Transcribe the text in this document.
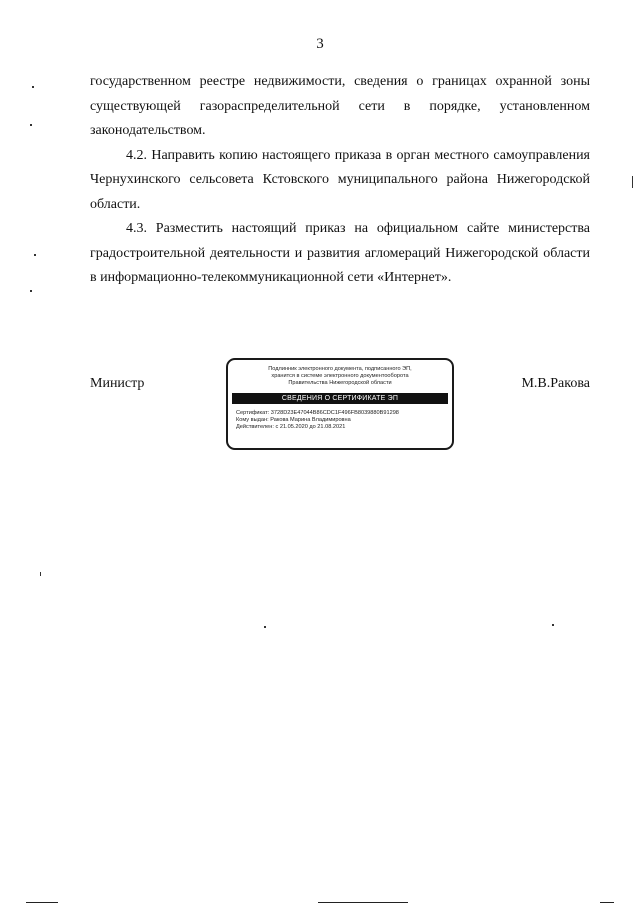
3

государственном реестре недвижимости, сведения о границах охранной зоны существующей газораспределительной сети в порядке, установленном законодательством.

4.2. Направить копию настоящего приказа в орган местного самоуправления Чернухинского сельсовета Кстовского муниципального района Нижегородской области.

4.3. Разместить настоящий приказ на официальном сайте министерства градостроительной деятельности и развития агломераций Нижегородской области в информационно-телекоммуникационной сети «Интернет».

Министр
Подлинник электронного документа, подписанного ЭП,
хранится в системе электронного документооборота
Правительства Нижегородской области
СВЕДЕНИЯ О СЕРТИФИКАТЕ ЭП
Сертификат: 3728D23E47044B86CDC1F496FB8039880B91298
Кому выдан: Ракова Марина Владимировна
Действителен: с 21.05.2020 до 21.08.2021
М.В.Ракова
